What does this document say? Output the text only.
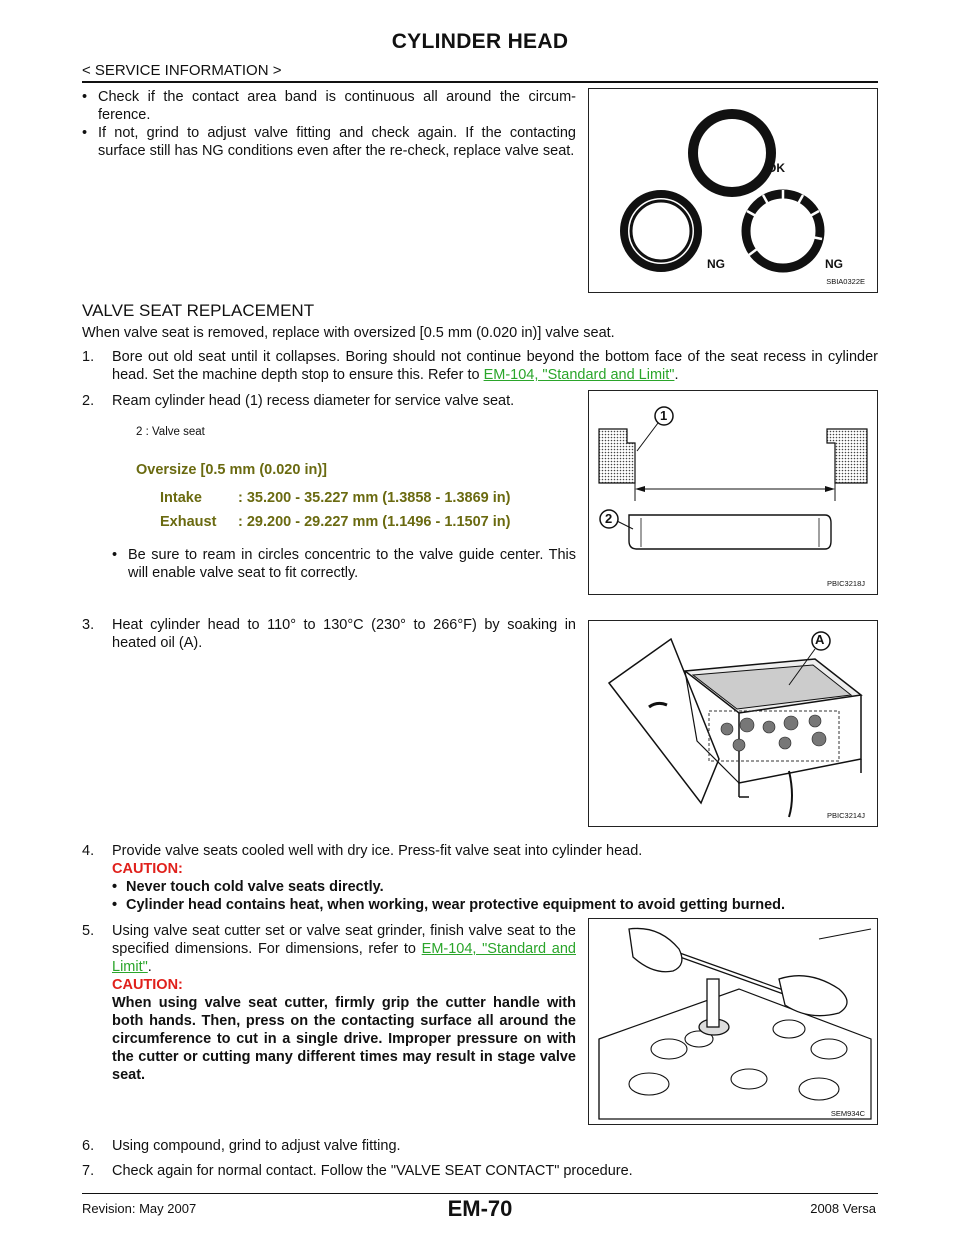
CYLINDER HEAD
< SERVICE INFORMATION >
• Check if the contact area band is continuous all around the circum-ference.
• If not, grind to adjust valve fitting and check again. If the contacting surface still has NG conditions even after the re-check, replace valve seat.
OK
NG	NG
SBIA0322E
VALVE SEAT REPLACEMENT
When valve seat is removed, replace with oversized [0.5 mm (0.020 in)] valve seat.
1.	Bore out old seat until it collapses. Boring should not continue beyond the bottom face of the seat recess in cylinder head. Set the machine depth stop to ensure this. Refer to EM-104, "Standard and Limit".
2.	Ream cylinder head (1) recess diameter for service valve seat.
2 : Valve seat
Oversize [0.5 mm (0.020 in)]
Intake	: 35.200 - 35.227 mm (1.3858 - 1.3869 in)
Exhaust	: 29.200 - 29.227 mm (1.1496 - 1.1507 in)
• Be sure to ream in circles concentric to the valve guide center. This will enable valve seat to fit correctly.
1
2
PBIC3218J
3.	Heat cylinder head to 110° to 130°C (230° to 266°F) by soaking in heated oil (A).	A
PBIC3214J
4.	Provide valve seats cooled well with dry ice. Press-fit valve seat into cylinder head.
CAUTION:
• Never touch cold valve seats directly.
• Cylinder head contains heat, when working, wear protective equipment to avoid getting burned.
5.	Using valve seat cutter set or valve seat grinder, finish valve seat to the specified dimensions. For dimensions, refer to EM-104, "Standard and Limit".
CAUTION:
When using valve seat cutter, firmly grip the cutter handle with both hands. Then, press on the contacting surface all around the circumference to cut in a single drive. Improper pressure on with the cutter or cutting many different times may result in stage valve seat.
SEM934C
6.	Using compound, grind to adjust valve fitting.
7.	Check again for normal contact. Follow the "VALVE SEAT CONTACT" procedure.
Revision: May 2007	EM-70	2008 Versa
